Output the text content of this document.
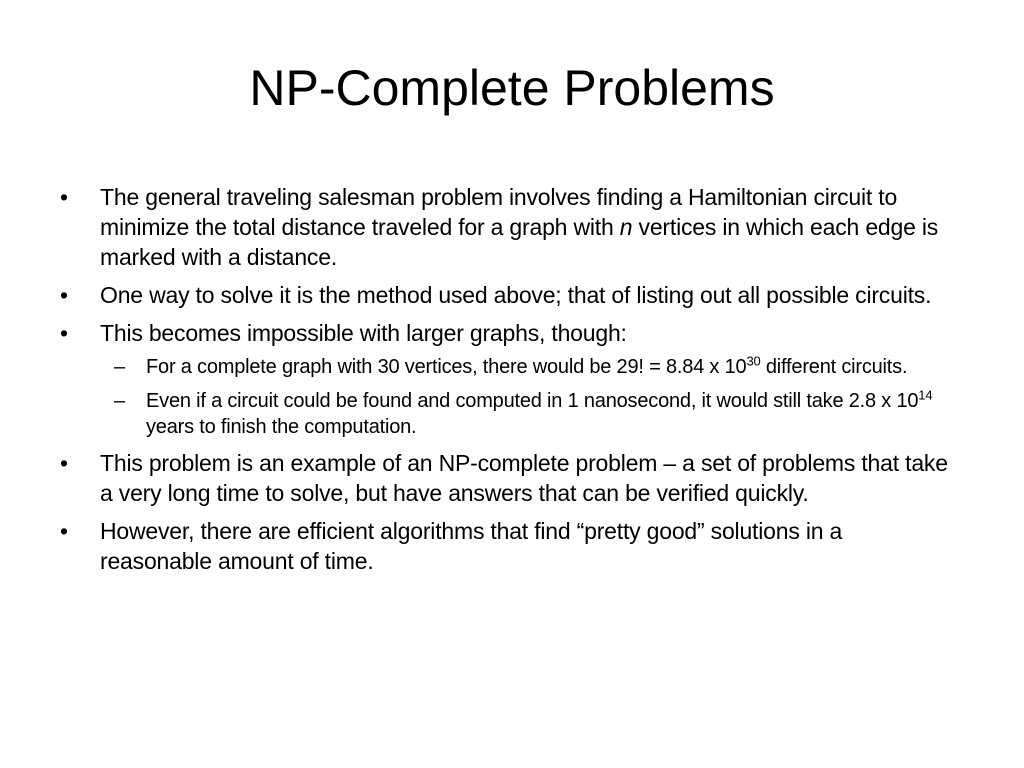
NP-Complete Problems
•	The general traveling salesman problem involves finding a Hamiltonian circuit to minimize the total distance traveled for a graph with n vertices in which each edge is marked with a distance.
•	One way to solve it is the method used above; that of listing out all possible circuits.
•	This becomes impossible with larger graphs, though:
– For a complete graph with 30 vertices, there would be 29! = 8.84 x $10^{30}$ different circuits.
– Even if a circuit could be found and computed in 1 nanosecond, it would still take 2.8 x $10^{14}$ years to finish the computation.
•	This problem is an example of an NP-complete problem – a set of problems that take a very long time to solve, but have answers that can be verified quickly.
•	However, there are efficient algorithms that find “pretty good” solutions in a reasonable amount of time.
